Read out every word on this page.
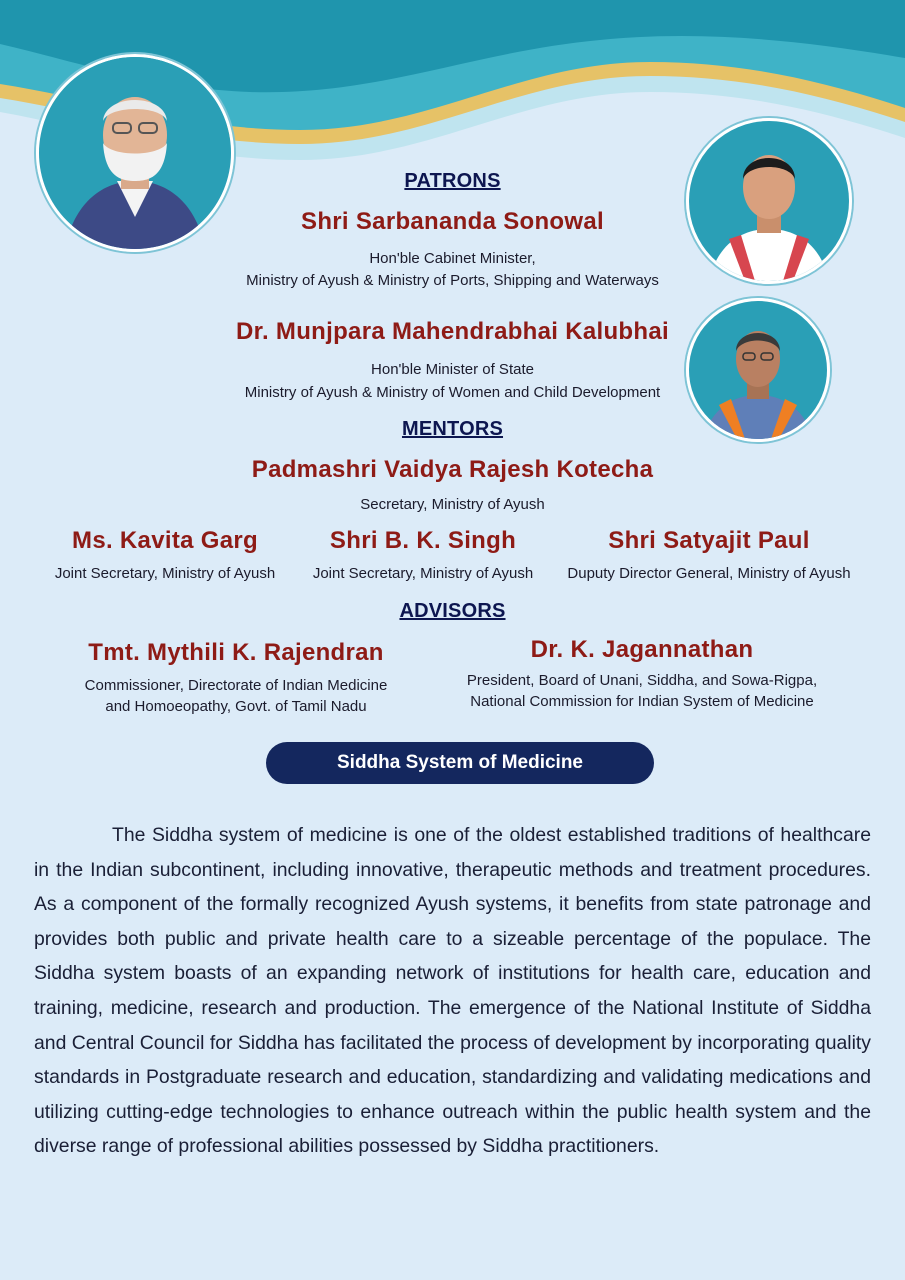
PATRONS
Shri Sarbananda Sonowal
Hon'ble Cabinet Minister,
Ministry of Ayush & Ministry of Ports, Shipping and Waterways
Dr. Munjpara Mahendrabhai Kalubhai
Hon'ble Minister of State
Ministry of Ayush & Ministry of Women and Child Development
MENTORS
Padmashri Vaidya Rajesh Kotecha
Secretary, Ministry of Ayush
Ms. Kavita Garg
Joint Secretary, Ministry of Ayush
Shri B. K. Singh
Joint Secretary, Ministry of Ayush
Shri Satyajit Paul
Duputy Director General, Ministry of Ayush
ADVISORS
Tmt. Mythili K. Rajendran
Commissioner, Directorate of Indian Medicine
and Homoeopathy, Govt. of Tamil Nadu
Dr. K. Jagannathan
President, Board of Unani, Siddha, and Sowa-Rigpa,
National Commission for Indian System of Medicine
Siddha System of Medicine

The Siddha system of medicine is one of the oldest established traditions of healthcare in the Indian subcontinent, including innovative, therapeutic methods and treatment procedures. As a component of the formally recognized Ayush systems, it benefits from state patronage and provides both public and private health care to a sizeable percentage of the populace. The Siddha system boasts of an expanding network of institutions for health care, education and training, medicine, research and production. The emergence of the National Institute of Siddha and Central Council for Siddha has facilitated the process of development by incorporating quality standards in Postgraduate research and education, standardizing and validating medications and utilizing cutting-edge technologies to enhance outreach within the public health system and the diverse range of professional abilities possessed by Siddha practitioners.
